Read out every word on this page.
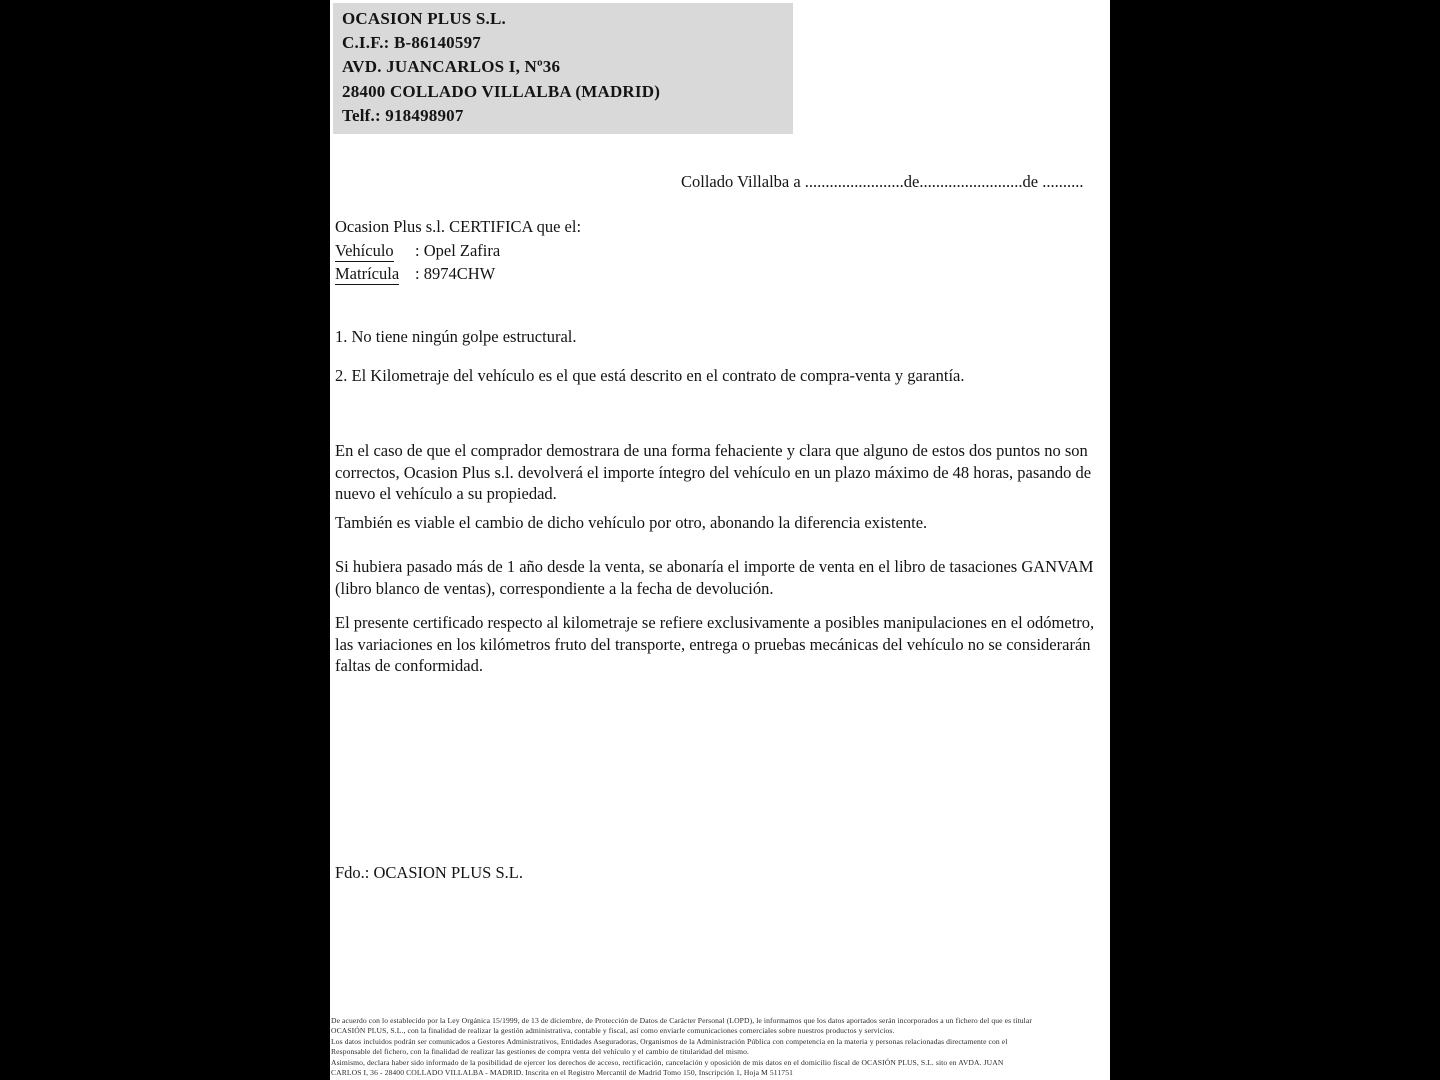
OCASION PLUS S.L.
C.I.F.: B-86140597
AVD. JUANCARLOS I, Nº36
28400 COLLADO VILLALBA (MADRID)
Telf.: 918498907
Collado Villalba a ........................de.........................de ..........
Ocasion Plus s.l. CERTIFICA que el:
Vehículo : Opel Zafira
Matrícula : 8974CHW
1. No tiene ningún golpe estructural.
2. El Kilometraje del vehículo es el que está descrito en el contrato de compra-venta y garantía.
En el caso de que el comprador demostrara de una forma fehaciente y clara que alguno de estos dos puntos no son correctos, Ocasion Plus s.l. devolverá el importe íntegro del vehículo en un plazo máximo de 48 horas, pasando de nuevo el vehículo a su propiedad.
También es viable el cambio de dicho vehículo por otro, abonando la diferencia existente.
Si hubiera pasado más de 1 año desde la venta, se abonaría el importe de venta en el libro de tasaciones GANVAM (libro blanco de ventas), correspondiente a la fecha de devolución.
El presente certificado respecto al kilometraje se refiere exclusivamente a posibles manipulaciones en el odómetro, las variaciones en los kilómetros fruto del transporte, entrega o pruebas mecánicas del vehículo no se considerarán faltas de conformidad.
Fdo.: OCASION PLUS S.L.
De acuerdo con lo establecido por la Ley Orgánica 15/1999, de 13 de diciembre, de Protección de Datos de Carácter Personal (LOPD), le informamos que los datos aportados serán incorporados a un fichero del que es titular
OCASIÓN PLUS, S.L., con la finalidad de realizar la gestión administrativa, contable y fiscal, así como enviarle comunicaciones comerciales sobre nuestros productos y servicios.
Los datos incluidos podrán ser comunicados a Gestores Administrativos, Entidades Aseguradoras, Organismos de la Administración Pública con competencia en la materia y personas relacionadas directamente con el
Responsable del fichero, con la finalidad de realizar las gestiones de compra venta del vehículo y el cambio de titularidad del mismo.
Asimismo, declara haber sido informado de la posibilidad de ejercer los derechos de acceso, rectificación, cancelación y oposición de mis datos en el domicilio fiscal de OCASIÓN PLUS, S.L. sito en AVDA. JUAN
CARLOS I, 36 - 28400 COLLADO VILLALBA - MADRID. Inscrita en el Registro Mercantil de Madrid Tomo 150, Inscripción 1, Hoja M 511751
